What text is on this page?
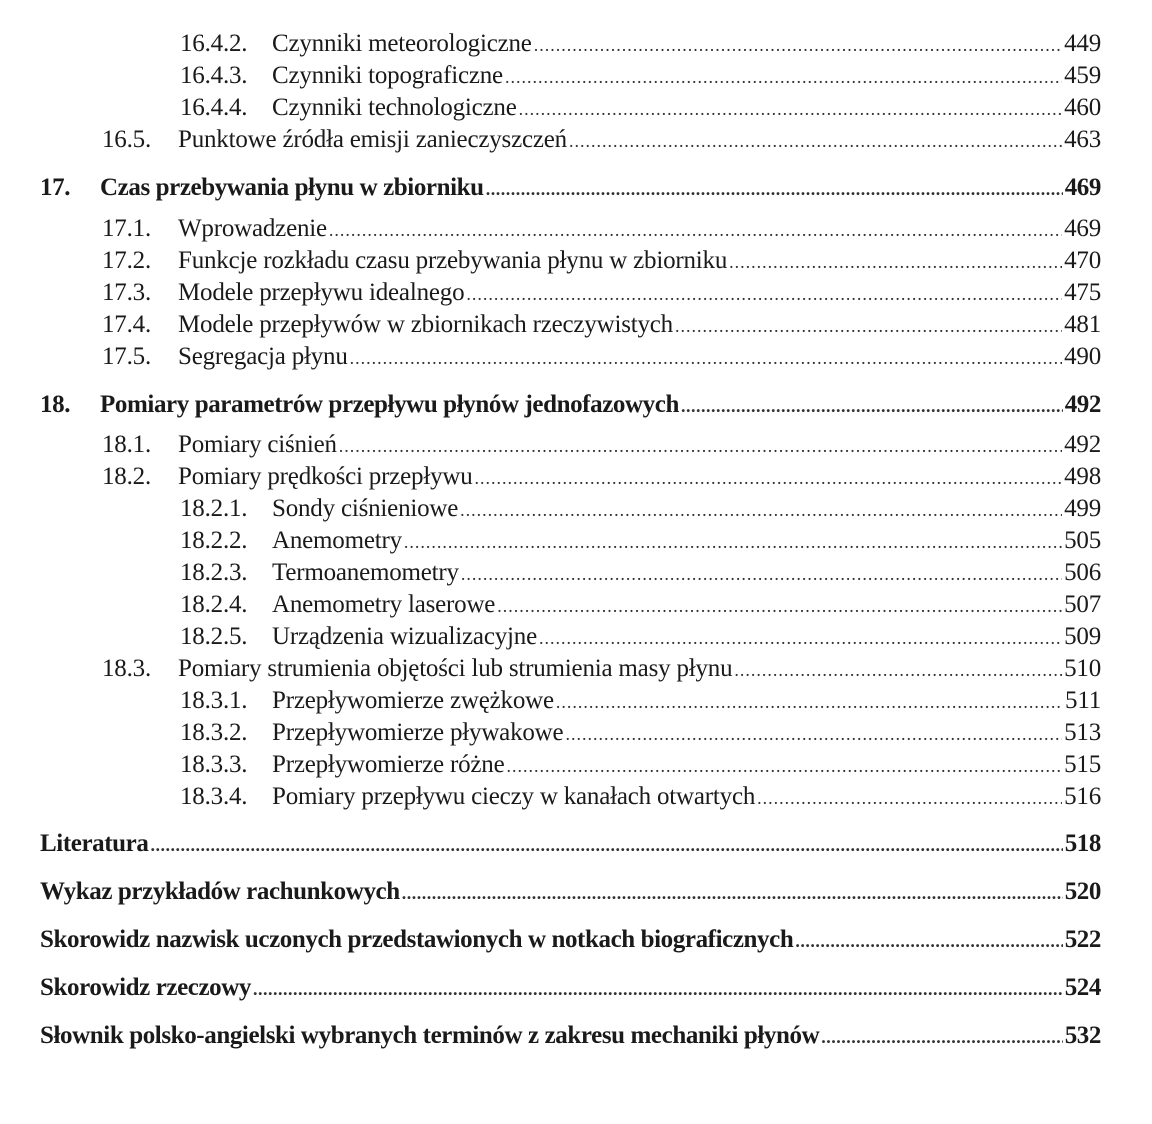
16.4.2. Czynniki meteorologiczne .....	449
16.4.3. Czynniki topograficzne .....	459
16.4.4. Czynniki technologiczne .....	460
16.5.	Punktowe źródła emisji zanieczyszczeń .....	463
17.	Czas przebywania płynu w zbiorniku .....	469
17.1.	Wprowadzenie .....	469
17.2.	Funkcje rozkładu czasu przebywania płynu w zbiorniku .....	470
17.3.	Modele przepływu idealnego .....	475
17.4.	Modele przepływów w zbiornikach rzeczywistych .....	481
17.5.	Segregacja płynu .....	490
18.	Pomiary parametrów przepływu płynów jednofazowych .....	492
18.1.	Pomiary ciśnień .....	492
18.2.	Pomiary prędkości przepływu .....	498
18.2.1. Sondy ciśnieniowe .....	499
18.2.2. Anemometry .....	505
18.2.3. Termoanemometry .....	506
18.2.4. Anemometry laserowe .....	507
18.2.5. Urządzenia wizualizacyjne .....	509
18.3.	Pomiary strumienia objętości lub strumienia masy płynu .....	510
18.3.1. Przepływomierze zwężkowe .....	511
18.3.2. Przepływomierze pływakowe .....	513
18.3.3. Przepływomierze różne .....	515
18.3.4. Pomiary przepływu cieczy w kanałach otwartych .....	516
Literatura .....	518
Wykaz przykładów rachunkowych .....	520
Skorowidz nazwisk uczonych przedstawionych w notkach biograficznych .....	522
Skorowidz rzeczowy .....	524
Słownik polsko-angielski wybranych terminów z zakresu mechaniki płynów .....	532
